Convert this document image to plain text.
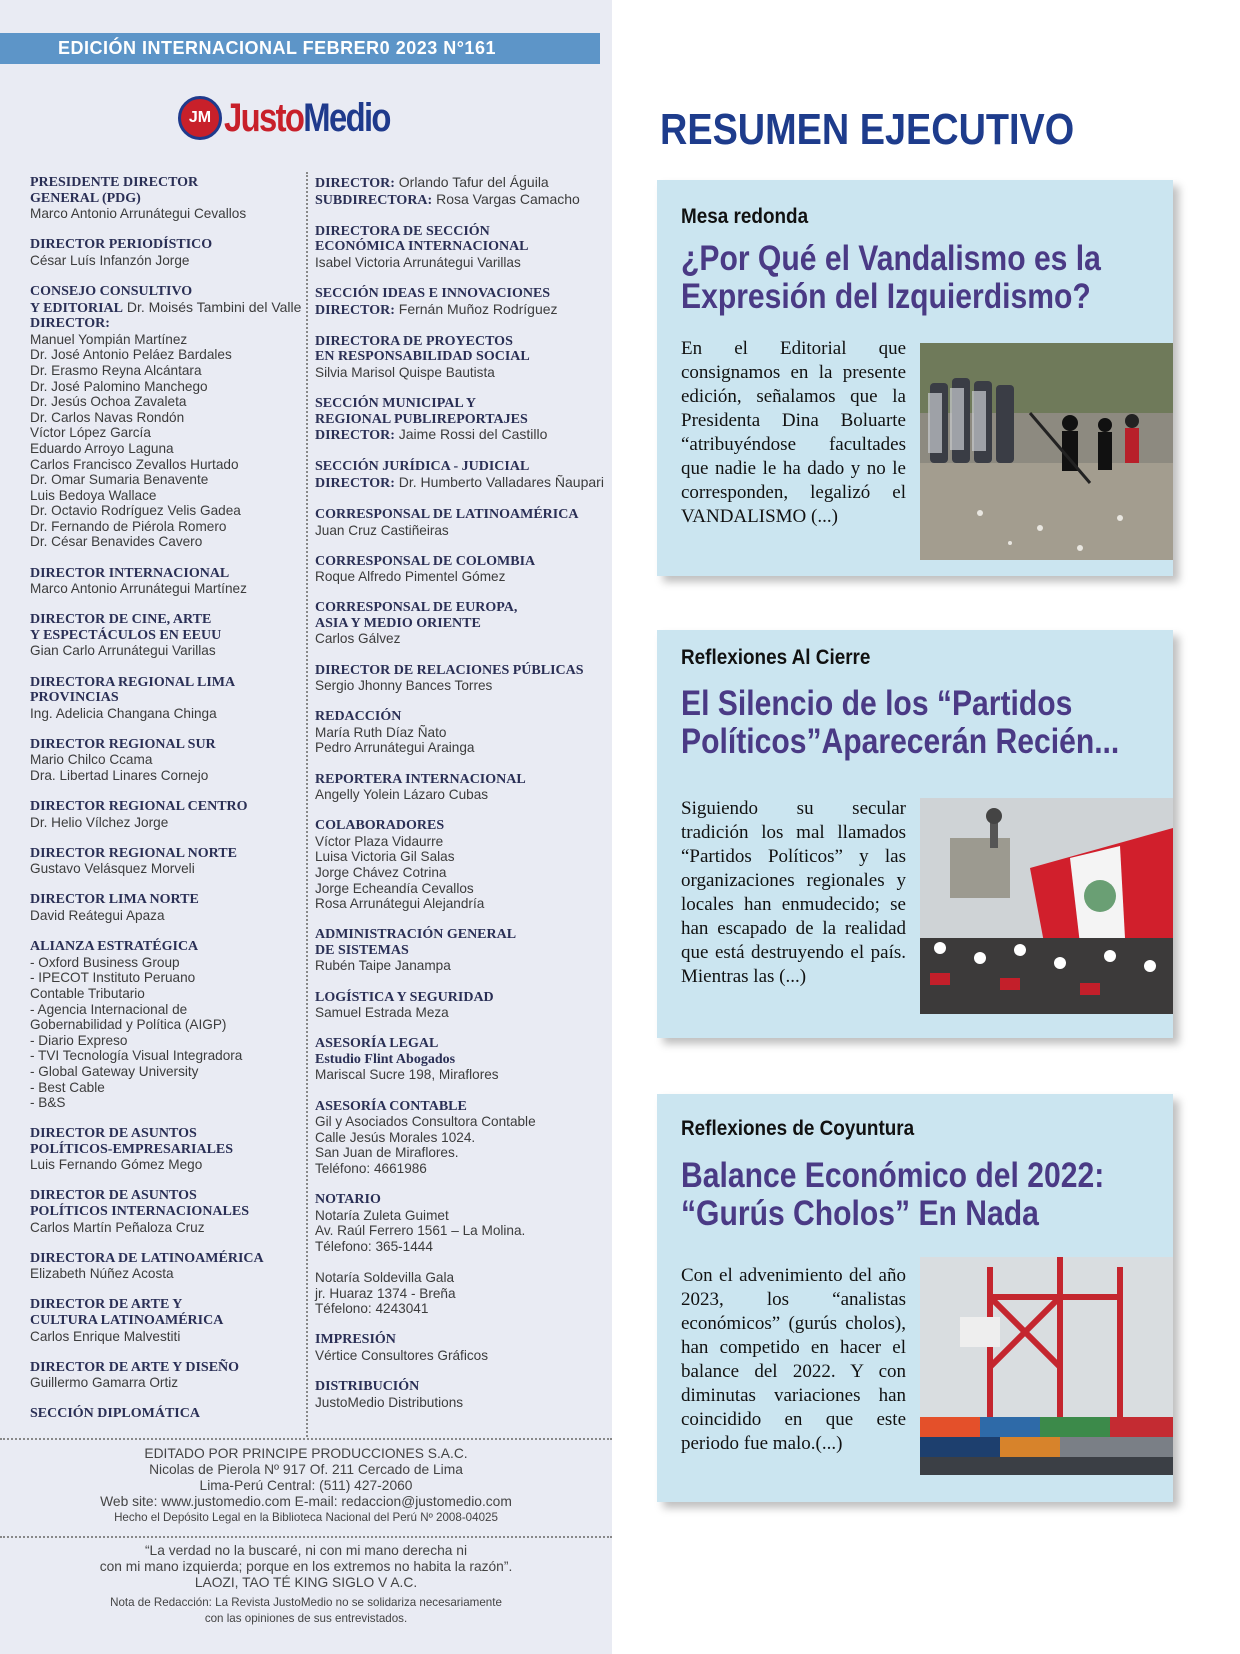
EDICIÓN INTERNACIONAL FEBRER0 2023 N°161
JM JustoMedio
PRESIDENTE DIRECTOR
GENERAL (PDG)
Marco Antonio Arrunátegui Cevallos
DIRECTOR PERIODÍSTICO
César Luís Infanzón Jorge
CONSEJO CONSULTIVO
Y EDITORIAL Dr. Moisés Tambini del Valle
DIRECTOR:
Manuel Yompián Martínez
Dr. José Antonio Peláez Bardales
Dr. Erasmo Reyna Alcántara
Dr. José Palomino Manchego
Dr. Jesús Ochoa Zavaleta
Dr. Carlos Navas Rondón
Víctor López García
Eduardo Arroyo Laguna
Carlos Francisco Zevallos Hurtado
Dr. Omar Sumaria Benavente
Luis Bedoya Wallace
Dr. Octavio Rodríguez Velis Gadea
Dr. Fernando de Piérola Romero
Dr. César Benavides Cavero
DIRECTOR INTERNACIONAL
Marco Antonio Arrunátegui Martínez
DIRECTOR DE CINE, ARTE
Y ESPECTÁCULOS EN EEUU
Gian Carlo Arrunátegui Varillas
DIRECTORA REGIONAL LIMA PROVINCIAS
Ing. Adelicia Changana Chinga
DIRECTOR REGIONAL SUR
Mario Chilco Ccama
Dra. Libertad Linares Cornejo
DIRECTOR REGIONAL CENTRO
Dr. Helio Vílchez Jorge
DIRECTOR REGIONAL NORTE
Gustavo Velásquez Morveli
DIRECTOR LIMA NORTE
David Reátegui Apaza
ALIANZA ESTRATÉGICA
- Oxford Business Group
- IPECOT Instituto Peruano
Contable Tributario
- Agencia Internacional de
Gobernabilidad y Política (AIGP)
- Diario Expreso
- TVI Tecnología Visual Integradora
- Global Gateway University
- Best Cable
- B&S
DIRECTOR DE ASUNTOS
POLÍTICOS-EMPRESARIALES
Luis Fernando Gómez Mego
DIRECTOR DE ASUNTOS
POLÍTICOS INTERNACIONALES
Carlos Martín Peñaloza Cruz
DIRECTORA DE LATINOAMÉRICA
Elizabeth Núñez Acosta
DIRECTOR DE ARTE Y
CULTURA LATINOAMÉRICA
Carlos Enrique Malvestiti
DIRECTOR DE ARTE Y DISEÑO
Guillermo Gamarra Ortiz
SECCIÓN DIPLOMÁTICA
DIRECTOR: Orlando Tafur del Águila
SUBDIRECTORA: Rosa Vargas Camacho
DIRECTORA DE SECCIÓN
ECONÓMICA INTERNACIONAL
Isabel Victoria Arrunátegui Varillas
SECCIÓN IDEAS E INNOVACIONES
DIRECTOR: Fernán Muñoz Rodríguez
DIRECTORA DE PROYECTOS
EN RESPONSABILIDAD SOCIAL
Silvia Marisol Quispe Bautista
SECCIÓN MUNICIPAL Y
REGIONAL PUBLIREPORTAJES
DIRECTOR: Jaime Rossi del Castillo
SECCIÓN JURÍDICA - JUDICIAL
DIRECTOR: Dr. Humberto Valladares Ñaupari
CORRESPONSAL DE LATINOAMÉRICA
Juan Cruz Castiñeiras
CORRESPONSAL DE COLOMBIA
Roque Alfredo Pimentel Gómez
CORRESPONSAL DE EUROPA,
ASIA Y MEDIO ORIENTE
Carlos Gálvez
DIRECTOR DE RELACIONES PÚBLICAS
Sergio Jhonny Bances Torres
REDACCIÓN
María Ruth Díaz Ñato
Pedro Arrunátegui Arainga
REPORTERA INTERNACIONAL
Angelly Yolein Lázaro Cubas
COLABORADORES
Víctor Plaza Vidaurre
Luisa Victoria Gil Salas
Jorge Chávez Cotrina
Jorge Echeandía Cevallos
Rosa Arrunátegui Alejandría
ADMINISTRACIÓN GENERAL
DE SISTEMAS
Rubén Taipe Janampa
LOGÍSTICA Y SEGURIDAD
Samuel Estrada Meza
ASESORÍA LEGAL
Estudio Flint Abogados
Mariscal Sucre 198, Miraflores
ASESORÍA CONTABLE
Gil y Asociados Consultora Contable
Calle Jesús Morales 1024.
San Juan de Miraflores.
Teléfono: 4661986
NOTARIO
Notaría Zuleta Guimet
Av. Raúl Ferrero 1561 – La Molina.
Télefono: 365-1444

Notaría Soldevilla Gala
jr. Huaraz 1374 - Breña
Téfelono: 4243041
IMPRESIÓN
Vértice Consultores Gráficos
DISTRIBUCIÓN
JustoMedio Distributions
EDITADO POR PRINCIPE PRODUCCIONES S.A.C.
Nicolas de Pierola Nº 917 Of. 211 Cercado de Lima
Lima-Perú Central: (511) 427-2060
Web site: www.justomedio.com E-mail: redaccion@justomedio.com
Hecho el Depósito Legal en la Biblioteca Nacional del Perú Nº 2008-04025
“La verdad no la buscaré, ni con mi mano derecha ni
con mi mano izquierda; porque en los extremos no habita la razón”.
LAOZI, TAO TÉ KING SIGLO V A.C.
Nota de Redacción: La Revista JustoMedio no se solidariza necesariamente
con las opiniones de sus entrevistados.
RESUMEN EJECUTIVO
Mesa redonda
¿Por Qué el Vandalismo es la
Expresión del Izquierdismo?
En el Editorial que consignamos en la presente edición, señalamos que la Presidenta Dina Boluarte “atribuyéndose facultades que nadie le ha dado y no le corresponden, legalizó el VANDALISMO (...)
Reflexiones Al Cierre
El Silencio de los “Partidos
Políticos”Aparecerán Recién...
Siguiendo su secular tradición los mal llamados “Partidos Políticos” y las organizaciones regionales y locales han enmudecido; se han escapado de la realidad que está destruyendo el país. Mientras las (...)
Reflexiones de Coyuntura
Balance Económico del 2022:
“Gurús Cholos” En Nada
Con el advenimiento del año 2023, los “analistas económicos” (gurús cholos), han competido en hacer el balance del 2022. Y con diminutas variaciones han coincidido en que este periodo fue malo.(...)
